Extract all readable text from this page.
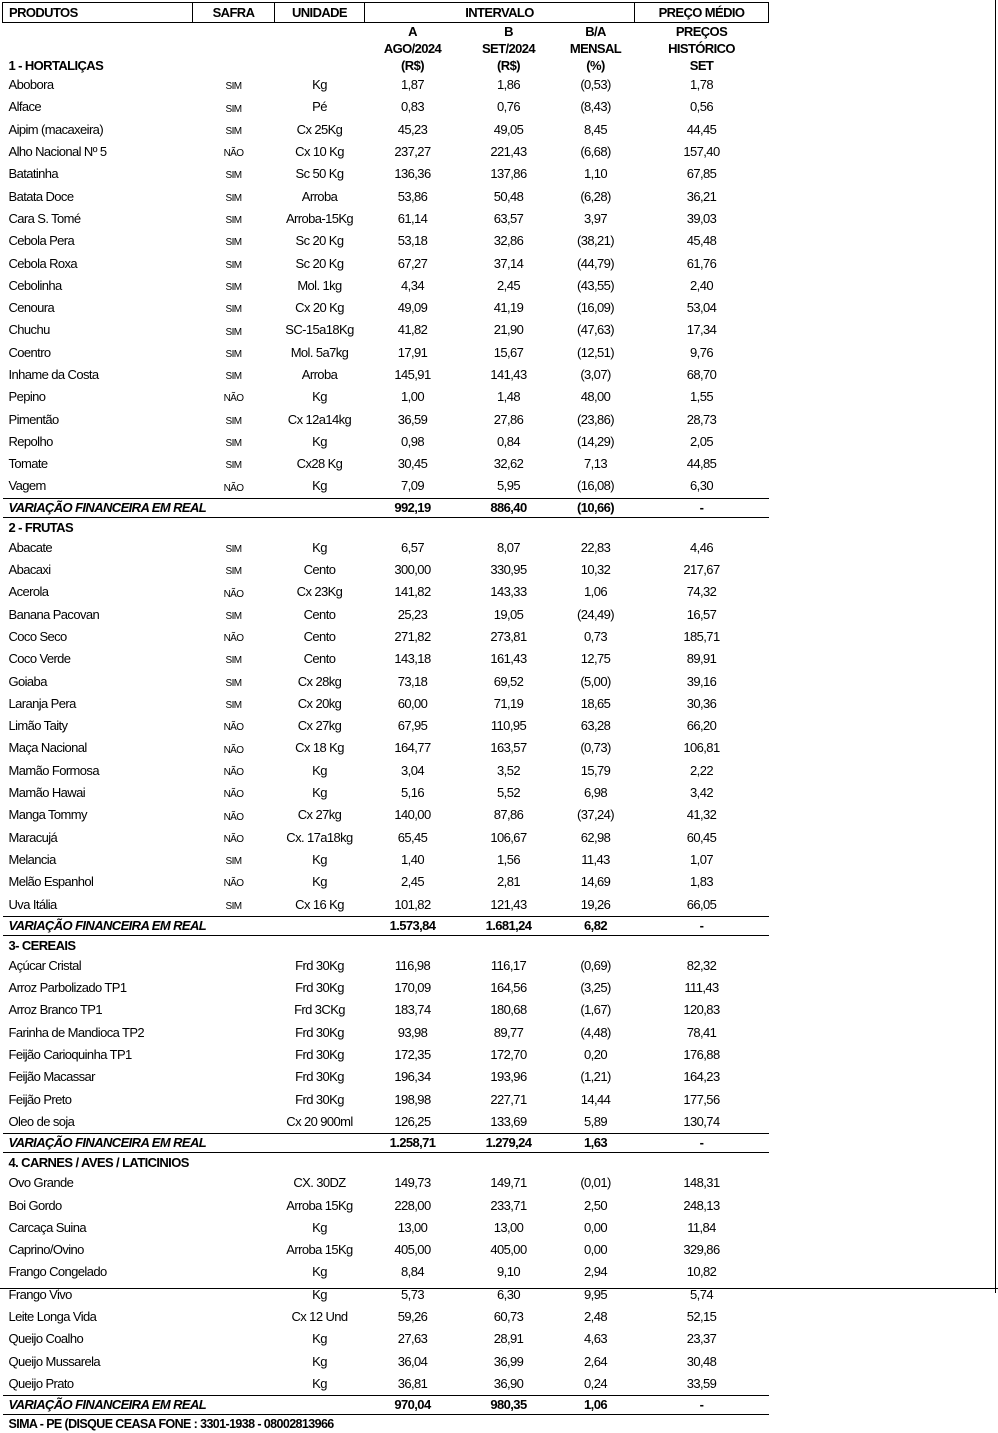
PRODUTOS	SAFRA	UNIDADE	INTERVALO			PREÇO MÉDIO
			A	B	B/A	PREÇOS
			AGO/2024	SET/2024	MENSAL	HISTÓRICO
1 - HORTALIÇAS			(R$)	(R$)	(%)	SET
Abobora	SIM	Kg	1,87	1,86	(0,53)	1,78
Alface	SIM	Pé	0,83	0,76	(8,43)	0,56
Aipim (macaxeira)	SIM	Cx 25Kg	45,23	49,05	8,45	44,45
Alho Nacional Nº 5	NÃO	Cx 10 Kg	237,27	221,43	(6,68)	157,40
Batatinha	SIM	Sc 50 Kg	136,36	137,86	1,10	67,85
Batata Doce	SIM	Arroba	53,86	50,48	(6,28)	36,21
Cara S. Tomé	SIM	Arroba-15Kg	61,14	63,57	3,97	39,03
Cebola Pera	SIM	Sc 20 Kg	53,18	32,86	(38,21)	45,48
Cebola Roxa	SIM	Sc 20 Kg	67,27	37,14	(44,79)	61,76
Cebolinha	SIM	Mol. 1kg	4,34	2,45	(43,55)	2,40
Cenoura	SIM	Cx 20 Kg	49,09	41,19	(16,09)	53,04
Chuchu	SIM	SC-15a18Kg	41,82	21,90	(47,63)	17,34
Coentro	SIM	Mol. 5a7kg	17,91	15,67	(12,51)	9,76
Inhame da Costa	SIM	Arroba	145,91	141,43	(3,07)	68,70
Pepino	NÃO	Kg	1,00	1,48	48,00	1,55
Pimentão	SIM	Cx 12a14kg	36,59	27,86	(23,86)	28,73
Repolho	SIM	Kg	0,98	0,84	(14,29)	2,05
Tomate	SIM	Cx28 Kg	30,45	32,62	7,13	44,85
Vagem	NÃO	Kg	7,09	5,95	(16,08)	6,30
VARIAÇÃO FINANCEIRA EM REAL			992,19	886,40	(10,66)	-
2 - FRUTAS						
Abacate	SIM	Kg	6,57	8,07	22,83	4,46
Abacaxi	SIM	Cento	300,00	330,95	10,32	217,67
Acerola	NÃO	Cx 23Kg	141,82	143,33	1,06	74,32
Banana Pacovan	SIM	Cento	25,23	19,05	(24,49)	16,57
Coco Seco	NÃO	Cento	271,82	273,81	0,73	185,71
Coco Verde	SIM	Cento	143,18	161,43	12,75	89,91
Goiaba	SIM	Cx 28kg	73,18	69,52	(5,00)	39,16
Laranja Pera	SIM	Cx 20kg	60,00	71,19	18,65	30,36
Limão Taity	NÃO	Cx 27kg	67,95	110,95	63,28	66,20
Maça Nacional	NÃO	Cx 18 Kg	164,77	163,57	(0,73)	106,81
Mamão Formosa	NÃO	Kg	3,04	3,52	15,79	2,22
Mamão Hawai	NÃO	Kg	5,16	5,52	6,98	3,42
Manga Tommy	NÃO	Cx 27kg	140,00	87,86	(37,24)	41,32
Maracujá	NÃO	Cx. 17a18kg	65,45	106,67	62,98	60,45
Melancia	SIM	Kg	1,40	1,56	11,43	1,07
Melão Espanhol	NÃO	Kg	2,45	2,81	14,69	1,83
Uva Itália	SIM	Cx 16 Kg	101,82	121,43	19,26	66,05
VARIAÇÃO FINANCEIRA EM REAL			1.573,84	1.681,24	6,82	-
3- CEREAIS						
Açúcar Cristal		Frd 30Kg	116,98	116,17	(0,69)	82,32
Arroz Parbolizado TP1		Frd 30Kg	170,09	164,56	(3,25)	111,43
Arroz Branco TP1		Frd 3CKg	183,74	180,68	(1,67)	120,83
Farinha de Mandioca TP2		Frd 30Kg	93,98	89,77	(4,48)	78,41
Feijão Carioquinha TP1		Frd 30Kg	172,35	172,70	0,20	176,88
Feijão Macassar		Frd 30Kg	196,34	193,96	(1,21)	164,23
Feijão Preto		Frd 30Kg	198,98	227,71	14,44	177,56
Oleo de soja		Cx 20 900ml	126,25	133,69	5,89	130,74
VARIAÇÃO FINANCEIRA EM REAL			1.258,71	1.279,24	1,63	-
4. CARNES / AVES / LATICINIOS						
Ovo Grande		CX. 30DZ	149,73	149,71	(0,01)	148,31
Boi Gordo		Arroba 15Kg	228,00	233,71	2,50	248,13
Carcaça Suina		Kg	13,00	13,00	0,00	11,84
Caprino/Ovino		Arroba 15Kg	405,00	405,00	0,00	329,86
Frango Congelado		Kg	8,84	9,10	2,94	10,82
Frango Vivo		Kg	5,73	6,30	9,95	5,74
Leite Longa Vida		Cx 12 Und	59,26	60,73	2,48	52,15
Queijo Coalho		Kg	27,63	28,91	4,63	23,37
Queijo Mussarela		Kg	36,04	36,99	2,64	30,48
Queijo Prato		Kg	36,81	36,90	0,24	33,59
VARIAÇÃO FINANCEIRA EM REAL			970,04	980,35	1,06	-
SIMA - PE (DISQUE CEASA FONE : 3301-1938 - 08002813966						
